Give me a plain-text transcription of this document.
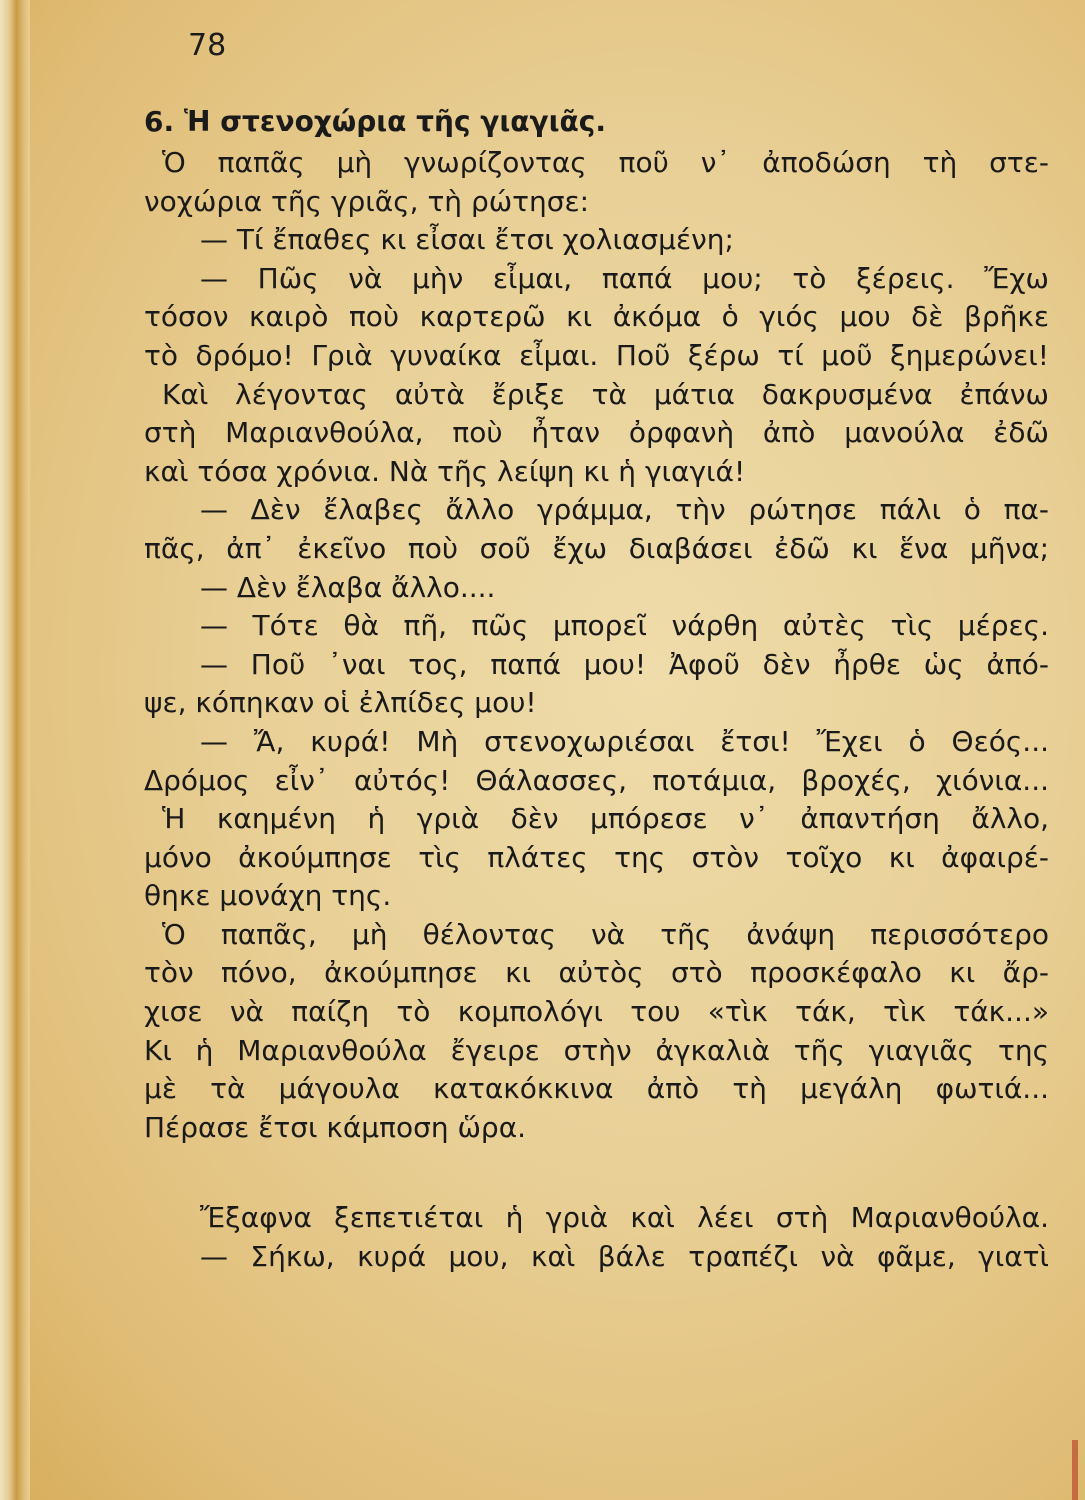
78

6. Ἡ στενοχώρια τῆς γιαγιᾶς.

Ὁ παπᾶς μὴ γνωρίζοντας ποῦ ν᾽ ἀποδώση τὴ στε-

νοχώρια τῆς γριᾶς, τὴ ρώτησε:

— Τί ἔπαθες κι εἶσαι ἔτσι χολιασμένη;

— Πῶς νὰ μὴν εἶμαι, παπά μου; τὸ ξέρεις. Ἔχω

τόσον καιρὸ ποὺ καρτερῶ κι ἀκόμα ὁ γιός μου δὲ βρῆκε

τὸ δρόμο! Γριὰ γυναίκα εἶμαι. Ποῦ ξέρω τί μοῦ ξημερώνει!

Καὶ λέγοντας αὐτὰ ἔριξε τὰ μάτια δακρυσμένα ἐπάνω

στὴ Μαριανθούλα, ποὺ ἦταν ὀρφανὴ ἀπὸ μανούλα ἐδῶ

καὶ τόσα χρόνια. Νὰ τῆς λείψη κι ἡ γιαγιά!

— Δὲν ἔλαβες ἄλλο γράμμα, τὴν ρώτησε πάλι ὁ πα-

πᾶς, ἀπ᾽ ἐκεῖνο ποὺ σοῦ ἔχω διαβάσει ἐδῶ κι ἕνα μῆνα;

— Δὲν ἔλαβα ἄλλο....

— Τότε θὰ πῆ, πῶς μπορεῖ νάρθη αὐτὲς τὶς μέρες.

— Ποῦ ᾽ναι τος, παπά μου! Ἀφοῦ δὲν ἦρθε ὡς ἀπό-

ψε, κόπηκαν οἱ ἐλπίδες μου!

— Ἄ, κυρά! Μὴ στενοχωριέσαι ἔτσι! Ἔχει ὁ Θεός...

Δρόμος εἶν᾽ αὐτός! Θάλασσες, ποτάμια, βροχές, χιόνια...

Ἡ καημένη ἡ γριὰ δὲν μπόρεσε ν᾽ ἀπαντήση ἄλλο,

μόνο ἀκούμπησε τὶς πλάτες της στὸν τοῖχο κι ἀφαιρέ-

θηκε μονάχη της.

Ὁ παπᾶς, μὴ θέλοντας νὰ τῆς ἀνάψη περισσότερο

τὸν πόνο, ἀκούμπησε κι αὐτὸς στὸ προσκέφαλο κι ἄρ-

χισε νὰ παίζη τὸ κομπολόγι του «τὶκ τάκ, τὶκ τάκ...»

Κι ἡ Μαριανθούλα ἔγειρε στὴν ἀγκαλιὰ τῆς γιαγιᾶς της

μὲ τὰ μάγουλα κατακόκκινα ἀπὸ τὴ μεγάλη φωτιά...

Πέρασε ἔτσι κάμποση ὥρα.

Ἔξαφνα ξεπετιέται ἡ γριὰ καὶ λέει στὴ Μαριανθούλα.

— Σήκω, κυρά μου, καὶ βάλε τραπέζι νὰ φᾶμε, γιατὶ
